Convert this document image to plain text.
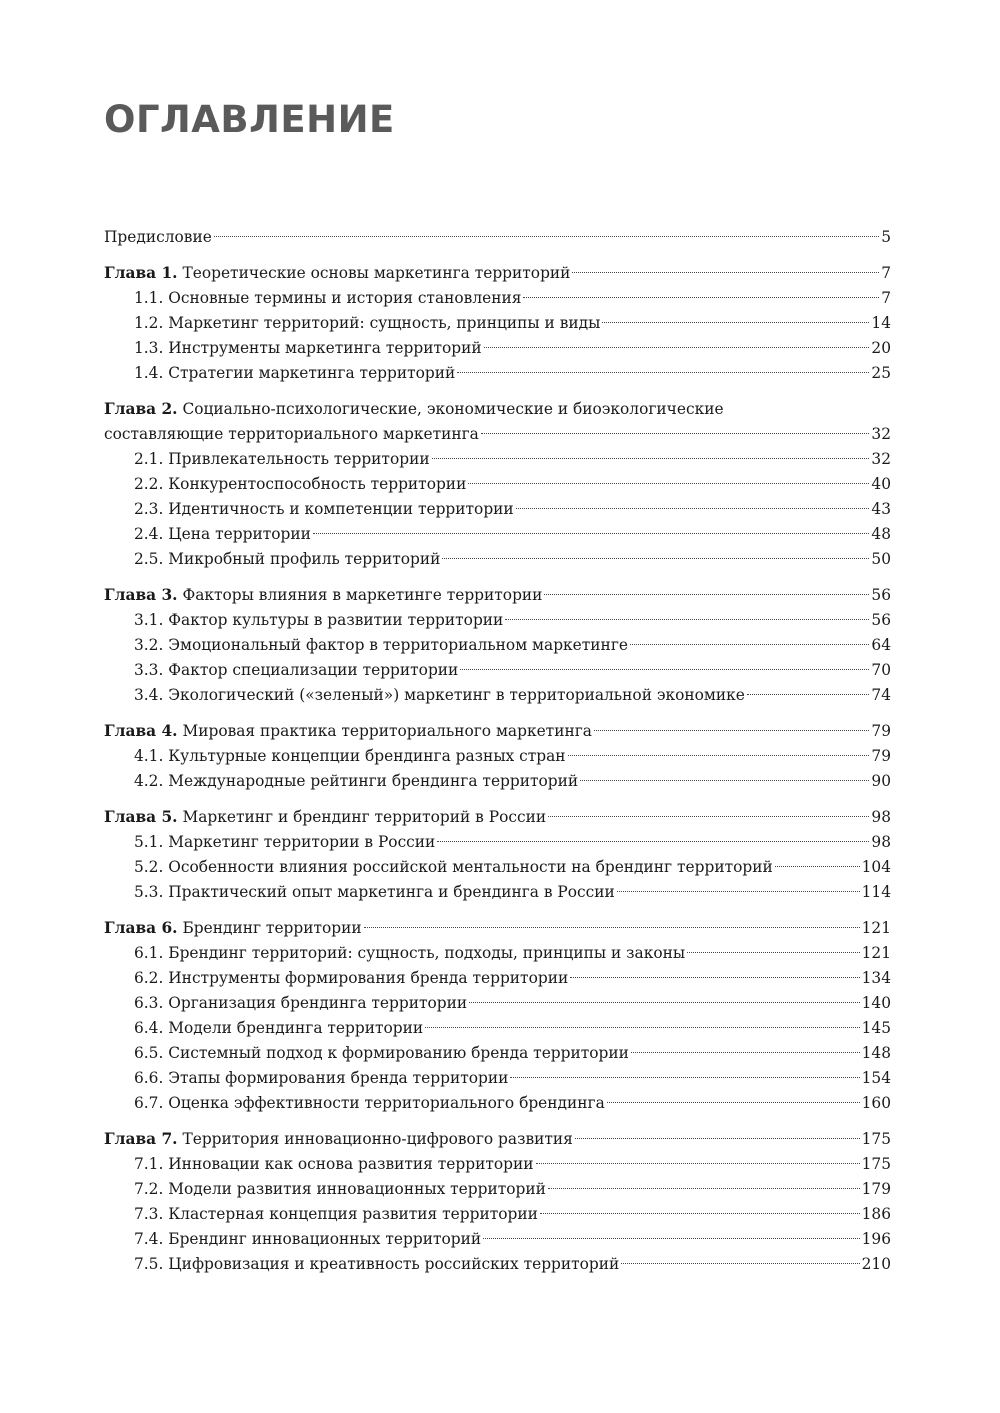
ОГЛАВЛЕНИЕ
Предисловие	5
Глава 1. Теоретические основы маркетинга территорий	7
1.1. Основные термины и история становления	7
1.2. Маркетинг территорий: сущность, принципы и виды	14
1.3. Инструменты маркетинга территорий	20
1.4. Стратегии маркетинга территорий	25
Глава 2. Социально-психологические, экономические и биоэкологические
составляющие территориального маркетинга	32
2.1. Привлекательность территории	32
2.2. Конкурентоспособность территории	40
2.3. Идентичность и компетенции территории	43
2.4. Цена территории	48
2.5. Микробный профиль территорий	50
Глава 3. Факторы влияния в маркетинге территории	56
3.1. Фактор культуры в развитии территории	56
3.2. Эмоциональный фактор в территориальном маркетинге	64
3.3. Фактор специализации территории	70
3.4. Экологический («зеленый») маркетинг в территориальной экономике	74
Глава 4. Мировая практика территориального маркетинга	79
4.1. Культурные концепции брендинга разных стран	79
4.2. Международные рейтинги брендинга территорий	90
Глава 5. Маркетинг и брендинг территорий в России	98
5.1. Маркетинг территории в России	98
5.2. Особенности влияния российской ментальности на брендинг территорий	104
5.3. Практический опыт маркетинга и брендинга в России	114
Глава 6. Брендинг территории	121
6.1. Брендинг территорий: сущность, подходы, принципы и законы	121
6.2. Инструменты формирования бренда территории	134
6.3. Организация брендинга территории	140
6.4. Модели брендинга территории	145
6.5. Системный подход к формированию бренда территории	148
6.6. Этапы формирования бренда территории	154
6.7. Оценка эффективности территориального брендинга	160
Глава 7. Территория инновационно-цифрового развития	175
7.1. Инновации как основа развития территории	175
7.2. Модели развития инновационных территорий	179
7.3. Кластерная концепция развития территории	186
7.4. Брендинг инновационных территорий	196
7.5. Цифровизация и креативность российских территорий	210
